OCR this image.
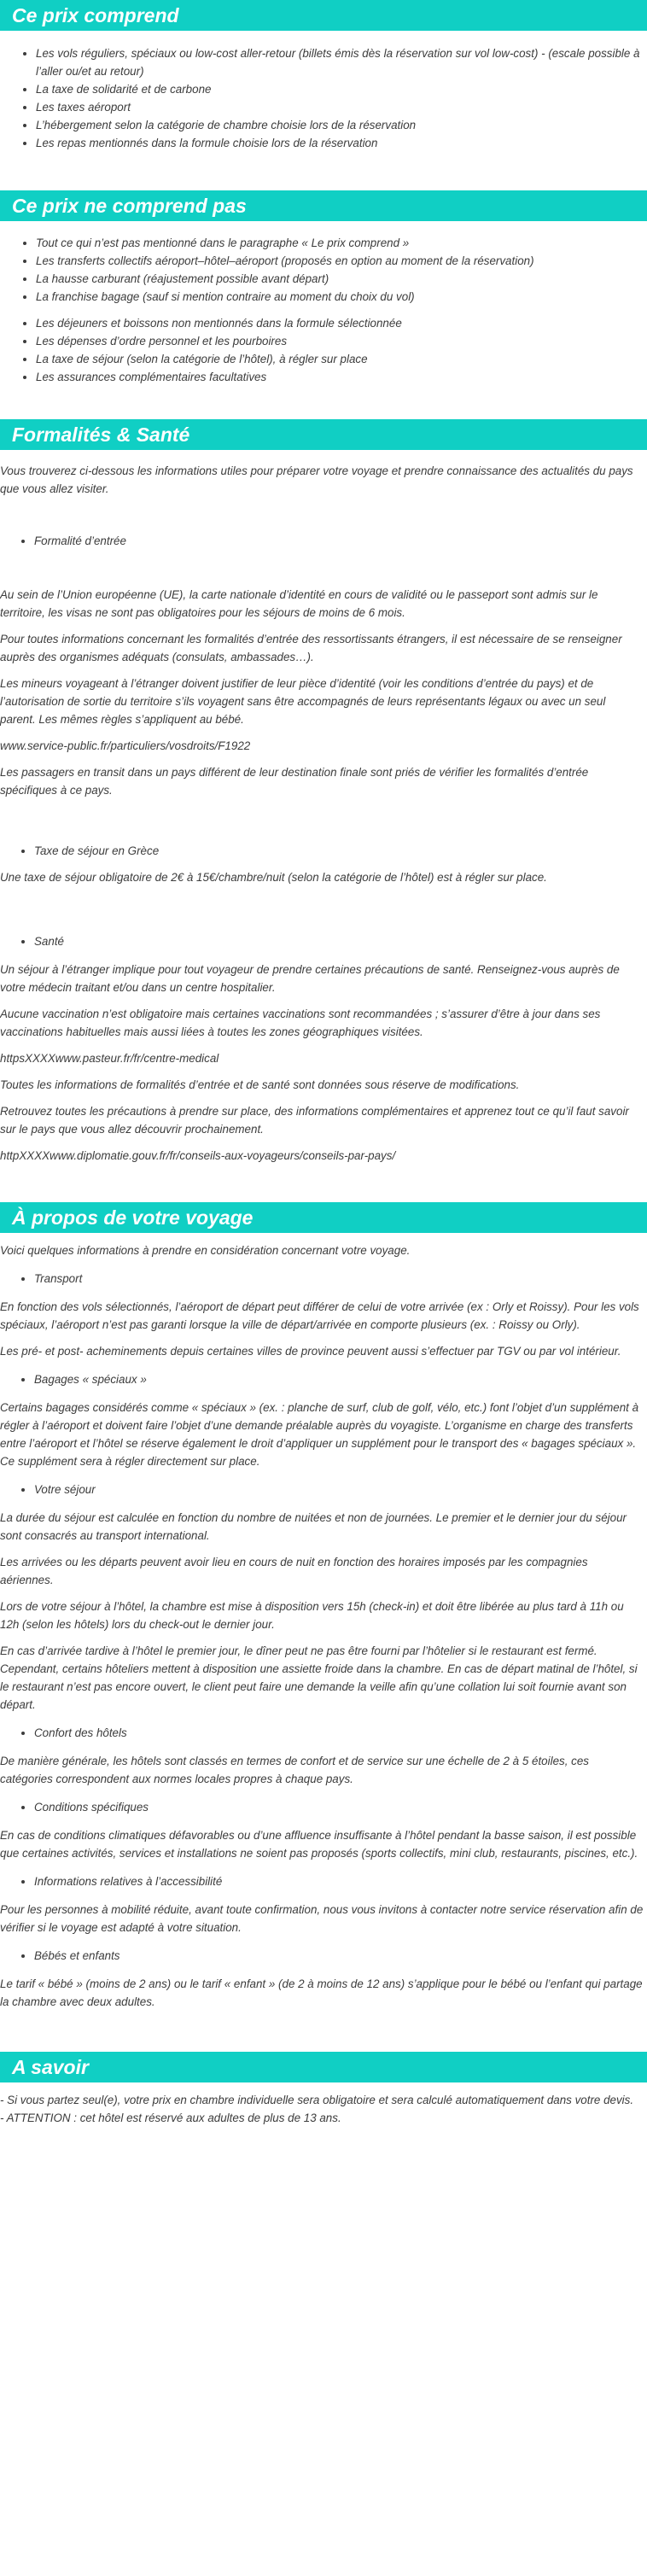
Ce prix comprend
• Les vols réguliers, spéciaux ou low-cost aller-retour (billets émis dès la réservation sur vol low-cost) - (escale possible à l’aller ou/et au retour)
• La taxe de solidarité et de carbone
• Les taxes aéroport
• L’hébergement selon la catégorie de chambre choisie lors de la réservation
• Les repas mentionnés dans la formule choisie lors de la réservation
Ce prix ne comprend pas
• Tout ce qui n’est pas mentionné dans le paragraphe « Le prix comprend »
• Les transferts collectifs aéroport–hôtel–aéroport (proposés en option au moment de la réservation)
• La hausse carburant (réajustement possible avant départ)
• La franchise bagage (sauf si mention contraire au moment du choix du vol)
• Les déjeuners et boissons non mentionnés dans la formule sélectionnée
• Les dépenses d’ordre personnel et les pourboires
• La taxe de séjour (selon la catégorie de l’hôtel), à régler sur place
• Les assurances complémentaires facultatives
Formalités & Santé

Vous trouverez ci-dessous les informations utiles pour préparer votre voyage et prendre connaissance des actualités du pays que vous allez visiter.

Formalité d’entrée

Au sein de l’Union européenne (UE), la carte nationale d’identité en cours de validité ou le passeport sont admis sur le territoire, les visas ne sont pas obligatoires pour les séjours de moins de 6 mois.

Pour toutes informations concernant les formalités d’entrée des ressortissants étrangers, il est nécessaire de se renseigner auprès des organismes adéquats (consulats, ambassades…).

Les mineurs voyageant à l’étranger doivent justifier de leur pièce d’identité (voir les conditions d’entrée du pays) et de l’autorisation de sortie du territoire s’ils voyagent sans être accompagnés de leurs représentants légaux ou avec un seul parent. Les mêmes règles s’appliquent au bébé.

www.service-public.fr/particuliers/vosdroits/F1922

Les passagers en transit dans un pays différent de leur destination finale sont priés de vérifier les formalités d’entrée spécifiques à ce pays.

Taxe de séjour en Grèce

Une taxe de séjour obligatoire de 2€ à 15€/chambre/nuit (selon la catégorie de l’hôtel) est à régler sur place.

Santé

Un séjour à l’étranger implique pour tout voyageur de prendre certaines précautions de santé. Renseignez-vous auprès de votre médecin traitant et/ou dans un centre hospitalier.

Aucune vaccination n’est obligatoire mais certaines vaccinations sont recommandées ; s’assurer d’être à jour dans ses vaccinations habituelles mais aussi liées à toutes les zones géographiques visitées.

httpsXXXXwww.pasteur.fr/fr/centre-medical

Toutes les informations de formalités d’entrée et de santé sont données sous réserve de modifications.

Retrouvez toutes les précautions à prendre sur place, des informations complémentaires et apprenez tout ce qu’il faut savoir sur le pays que vous allez découvrir prochainement.

httpXXXXwww.diplomatie.gouv.fr/fr/conseils-aux-voyageurs/conseils-par-pays/

À propos de votre voyage

Voici quelques informations à prendre en considération concernant votre voyage.

Transport

En fonction des vols sélectionnés, l’aéroport de départ peut différer de celui de votre arrivée (ex : Orly et Roissy). Pour les vols spéciaux, l’aéroport n’est pas garanti lorsque la ville de départ/arrivée en comporte plusieurs (ex. : Roissy ou Orly).

Les pré- et post- acheminements depuis certaines villes de province peuvent aussi s’effectuer par TGV ou par vol intérieur.

Bagages « spéciaux »

Certains bagages considérés comme « spéciaux » (ex. : planche de surf, club de golf, vélo, etc.) font l’objet d’un supplément à régler à l’aéroport et doivent faire l’objet d’une demande préalable auprès du voyagiste. L’organisme en charge des transferts entre l’aéroport et l’hôtel se réserve également le droit d’appliquer un supplément pour le transport des « bagages spéciaux ». Ce supplément sera à régler directement sur place.

Votre séjour

La durée du séjour est calculée en fonction du nombre de nuitées et non de journées. Le premier et le dernier jour du séjour sont consacrés au transport international.

Les arrivées ou les départs peuvent avoir lieu en cours de nuit en fonction des horaires imposés par les compagnies aériennes.

Lors de votre séjour à l’hôtel, la chambre est mise à disposition vers 15h (check-in) et doit être libérée au plus tard à 11h ou 12h (selon les hôtels) lors du check-out le dernier jour.

En cas d’arrivée tardive à l’hôtel le premier jour, le dîner peut ne pas être fourni par l’hôtelier si le restaurant est fermé. Cependant, certains hôteliers mettent à disposition une assiette froide dans la chambre. En cas de départ matinal de l’hôtel, si le restaurant n’est pas encore ouvert, le client peut faire une demande la veille afin qu’une collation lui soit fournie avant son départ.

Confort des hôtels

De manière générale, les hôtels sont classés en termes de confort et de service sur une échelle de 2 à 5 étoiles, ces catégories correspondent aux normes locales propres à chaque pays.

Conditions spécifiques

En cas de conditions climatiques défavorables ou d’une affluence insuffisante à l’hôtel pendant la basse saison, il est possible que certaines activités, services et installations ne soient pas proposés (sports collectifs, mini club, restaurants, piscines, etc.).

Informations relatives à l’accessibilité

Pour les personnes à mobilité réduite, avant toute confirmation, nous vous invitons à contacter notre service réservation afin de vérifier si le voyage est adapté à votre situation.

Bébés et enfants

Le tarif « bébé » (moins de 2 ans) ou le tarif « enfant » (de 2 à moins de 12 ans) s’applique pour le bébé ou l’enfant qui partage la chambre avec deux adultes.

A savoir

- Si vous partez seul(e), votre prix en chambre individuelle sera obligatoire et sera calculé automatiquement dans votre devis.

- ATTENTION : cet hôtel est réservé aux adultes de plus de 13 ans.
